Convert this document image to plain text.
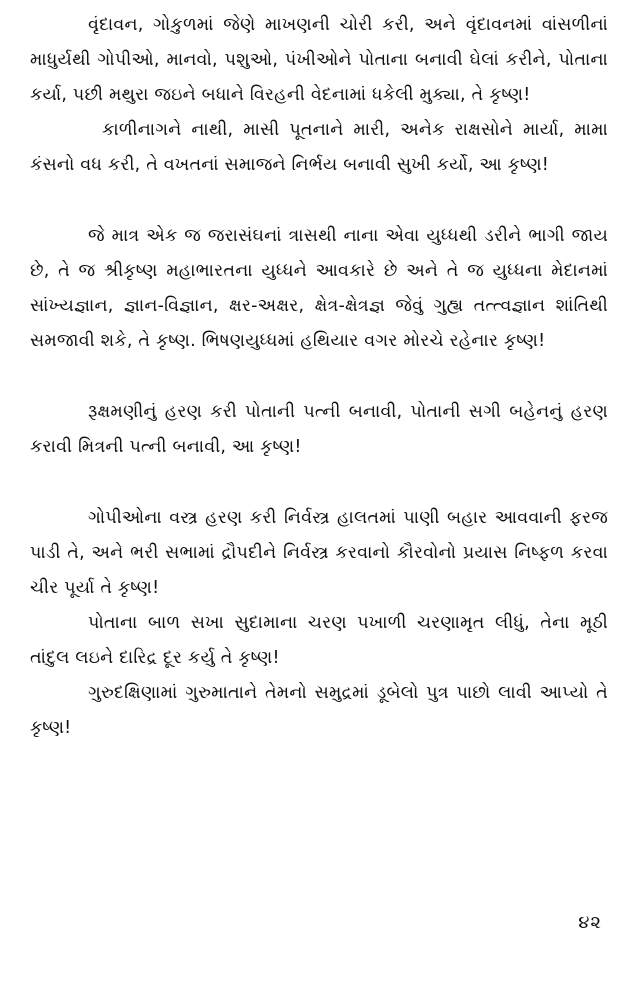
વૃંદાવન, ગોકુળમાં જેણે માખણની ચોરી કરી, અને વૃંદાવનમાં વાંસળીનાં માધુર્યથી ગોપીઓ, માનવો, પશુઓ, પંખીઓને પોતાના બનાવી ઘેલાં કરીને, પોતાના કર્યા, પછી મથુરા જઇને બધાને વિરહની વેદનામાં ધકેલી મુક્યા, તે કૃષ્ણ!

કાળીનાગને નાથી, માસી પૂતનાને મારી, અનેક રાક્ષસોને માર્યા, મામા કંસનો વધ કરી, તે વખતનાં સમાજને નિર્ભય બનાવી સુખી કર્યો, આ કૃષ્ણ!

જે માત્ર એક જ જરાસંઘનાં ત્રાસથી નાના એવા યુધ્ધથી ડરીને ભાગી જાય છે, તે જ શ્રીકૃષ્ણ મહાભારતના યુધ્ધને આવકારે છે અને તે જ યુધ્ધના મેદાનમાં સાંખ્યજ્ઞાન, જ્ઞાન-વિજ્ઞાન, ક્ષર-અક્ષર, ક્ષેત્ર-ક્ષેત્રજ્ઞ જેવું ગુહ્ય તત્ત્વજ્ઞાન શાંતિથી સમજાવી શકે, તે કૃષ્ણ. ભિષણયુધ્ધમાં હથિયાર વગર મોરચે રહેનાર કૃષ્ણ!

રૂક્ષમણીનું હરણ કરી પોતાની પત્ની બનાવી, પોતાની સગી બહેનનું હરણ કરાવી મિત્રની પત્ની બનાવી, આ કૃષ્ણ!

ગોપીઓના વસ્ત્ર હરણ કરી નિર્વસ્ત્ર હાલતમાં પાણી બહાર આવવાની ફરજ પાડી તે, અને ભરી સભામાં દ્રૌપદીને નિર્વસ્ત્ર કરવાનો કૌરવોનો પ્રયાસ નિષ્ફળ કરવા ચીર પૂર્યા તે કૃષ્ણ!

પોતાના બાળ સખા સુદામાના ચરણ પખાળી ચરણામૃત લીધું, તેના મૂઠી તાંદુલ લઇને દારિદ્ર દૂર કર્યુ તે કૃષ્ણ!

ગુરુદક્ષિણામાં ગુરુમાતાને તેમનો સમુદ્રમાં ડૂબેલો પુત્ર પાછો લાવી આપ્યો તે કૃષ્ણ!

૪૨
